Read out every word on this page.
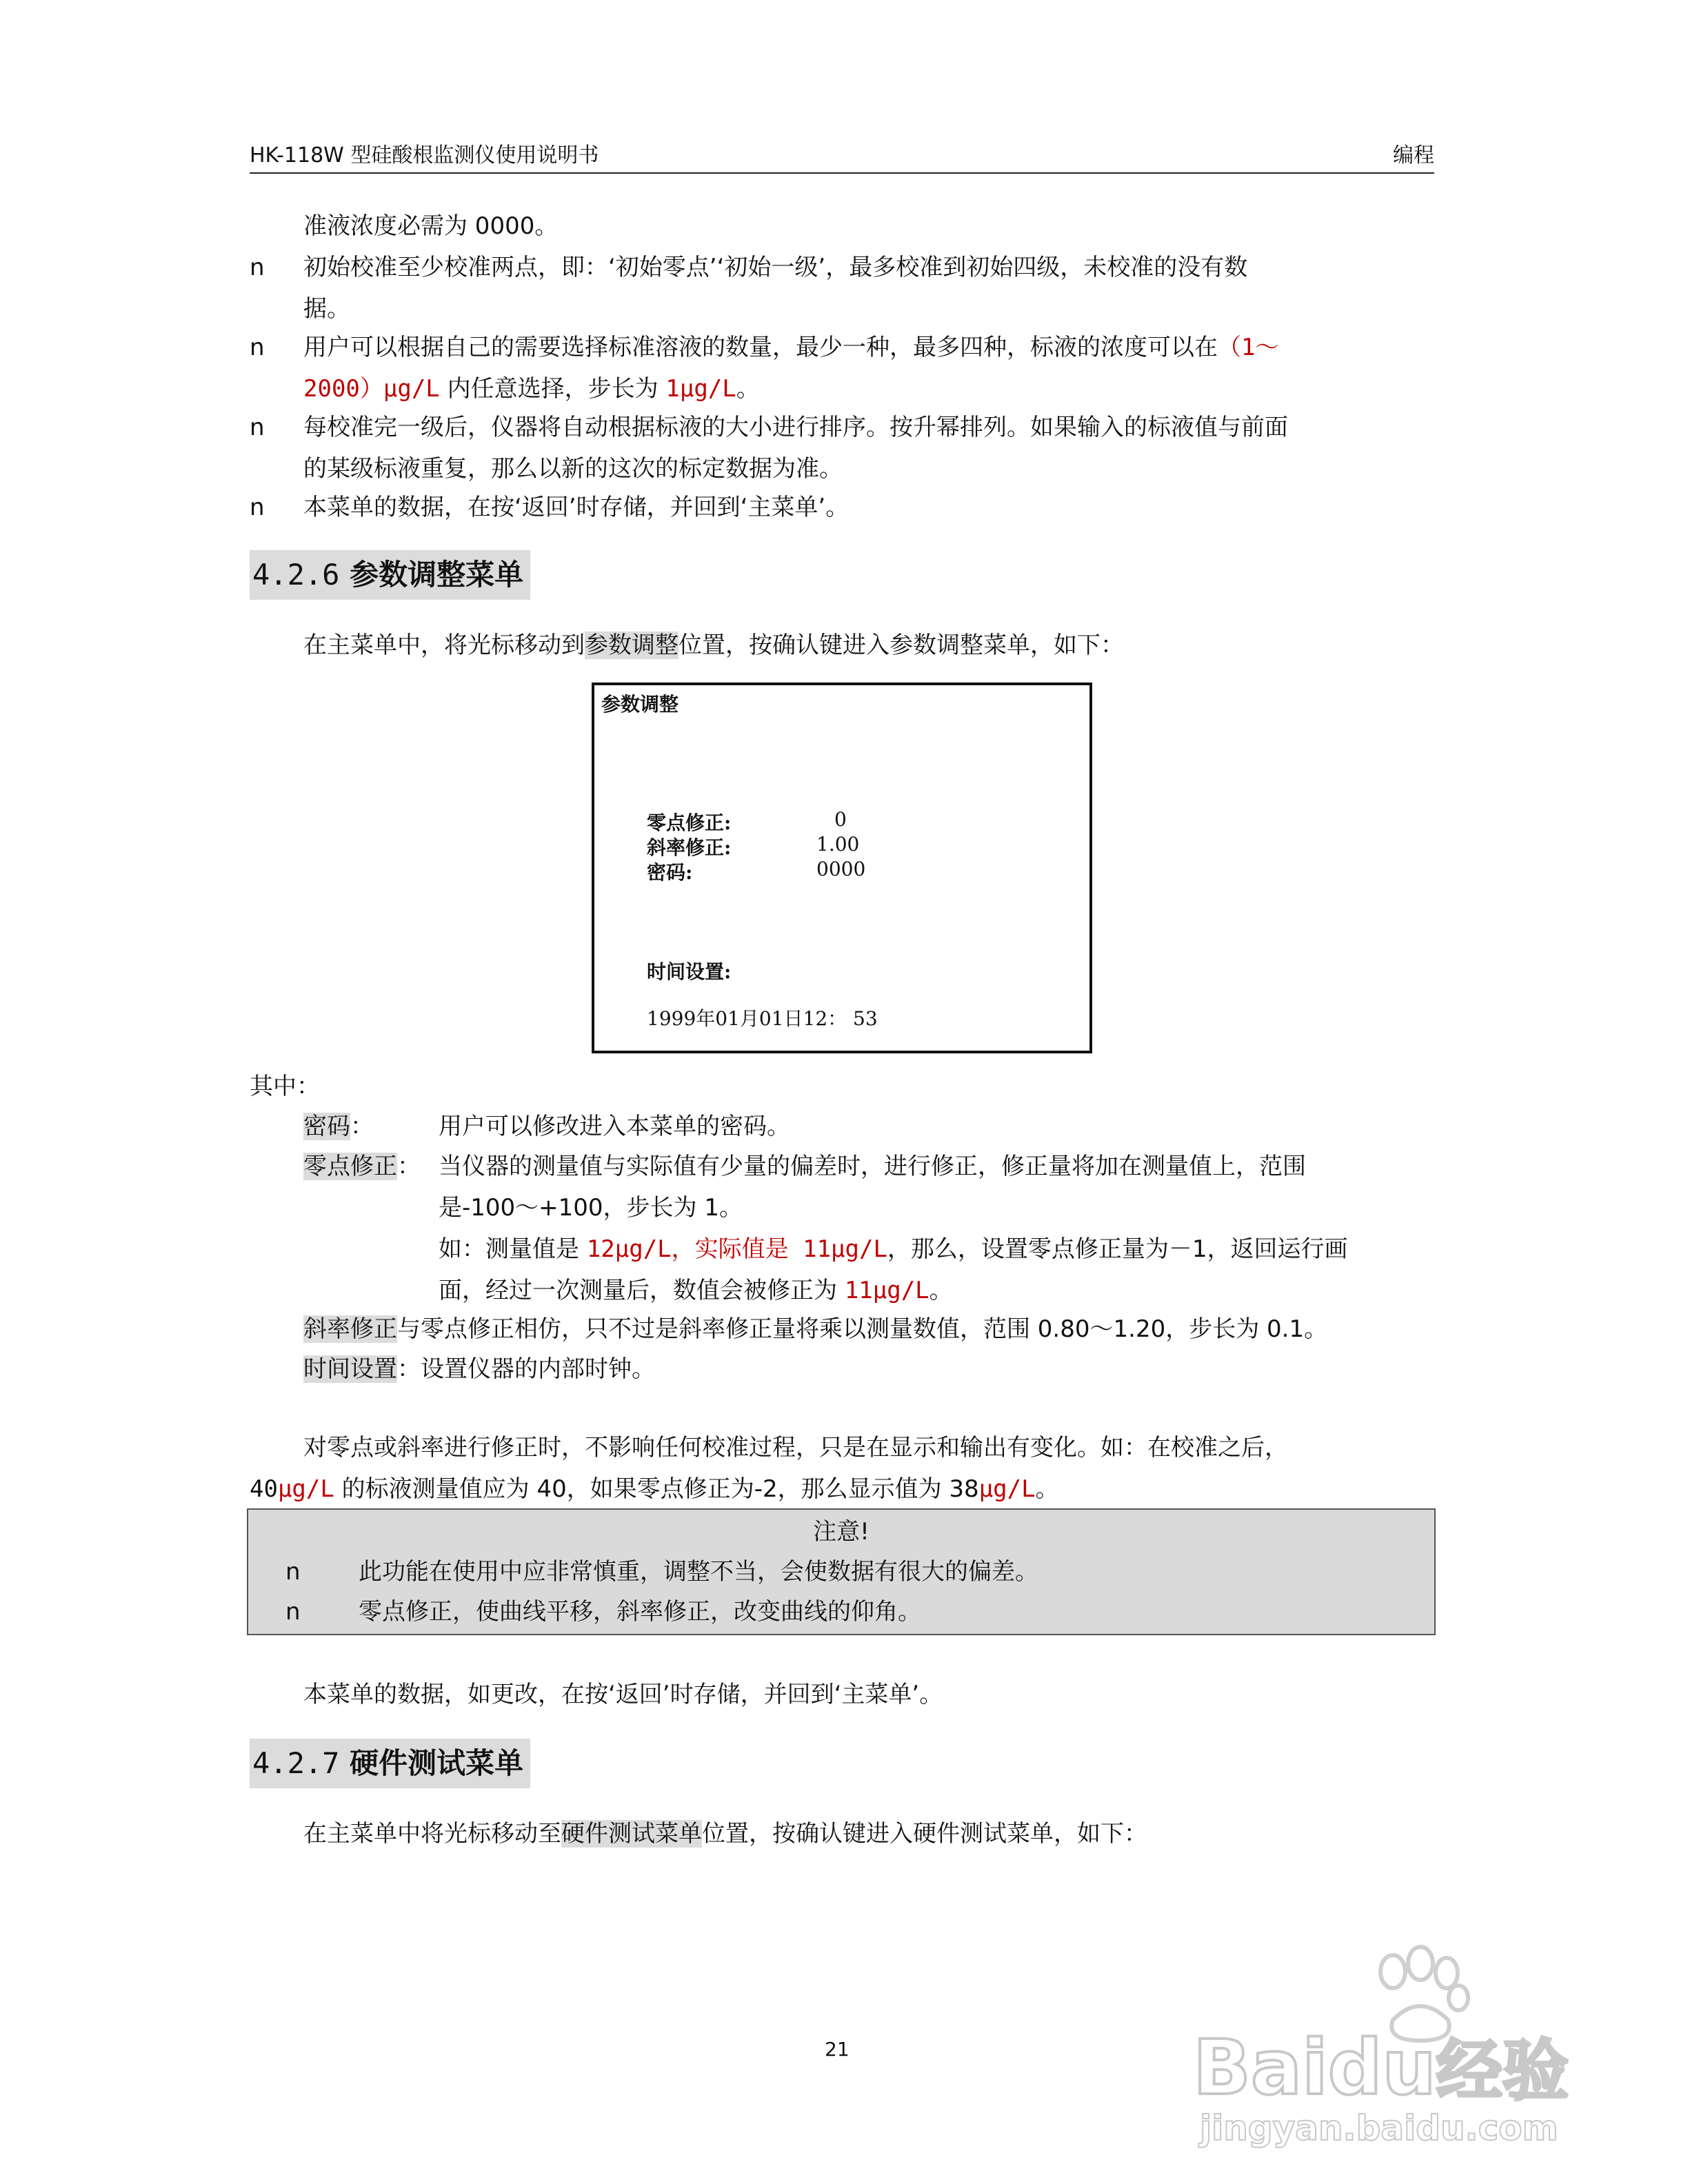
HK-118W 型硅酸根监测仪使用说明书	编程
准液浓度必需为 0000。
n 初始校准至少校准两点，即：‘初始零点’‘初始一级’，最多校准到初始四级，未校准的没有数
据。
n 用户可以根据自己的需要选择标准溶液的数量，最少一种，最多四种，标液的浓度可以在（1～
2000）μg/L 内任意选择，步长为 1μg/L。
n 每校准完一级后，仪器将自动根据标液的大小进行排序。按升幂排列。如果输入的标液值与前面
的某级标液重复，那么以新的这次的标定数据为准。
n 本菜单的数据，在按‘返回’时存储，并回到‘主菜单’。
4.2.6 参数调整菜单
在主菜单中，将光标移动到参数调整位置，按确认键进入参数调整菜单，如下：
参数调整
零点修正:	0
斜率修正:	1.00
密码:	0000
时间设置:
1999年01月01日12： 53
其中：
密码：	用户可以修改进入本菜单的密码。
零点修正： 当仪器的测量值与实际值有少量的偏差时，进行修正，修正量将加在测量值上，范围
是-100～+100，步长为 1。
如：测量值是 12μg/L，实际值是 11μg/L，那么，设置零点修正量为－1，返回运行画
面，经过一次测量后，数值会被修正为 11μg/L。
斜率修正与零点修正相仿，只不过是斜率修正量将乘以测量数值，范围 0.80～1.20，步长为 0.1。
时间设置：设置仪器的内部时钟。
对零点或斜率进行修正时，不影响任何校准过程，只是在显示和输出有变化。如：在校准之后，
40μg/L 的标液测量值应为 40，如果零点修正为-2，那么显示值为 38μg/L。
注意!
n 此功能在使用中应非常慎重，调整不当，会使数据有很大的偏差。
n 零点修正，使曲线平移，斜率修正，改变曲线的仰角。
本菜单的数据，如更改，在按‘返回’时存储，并回到‘主菜单’。
4.2.7 硬件测试菜单
在主菜单中将光标移动至硬件测试菜单位置，按确认键进入硬件测试菜单，如下：
21	Baidu经验
jingyan.baidu.com
